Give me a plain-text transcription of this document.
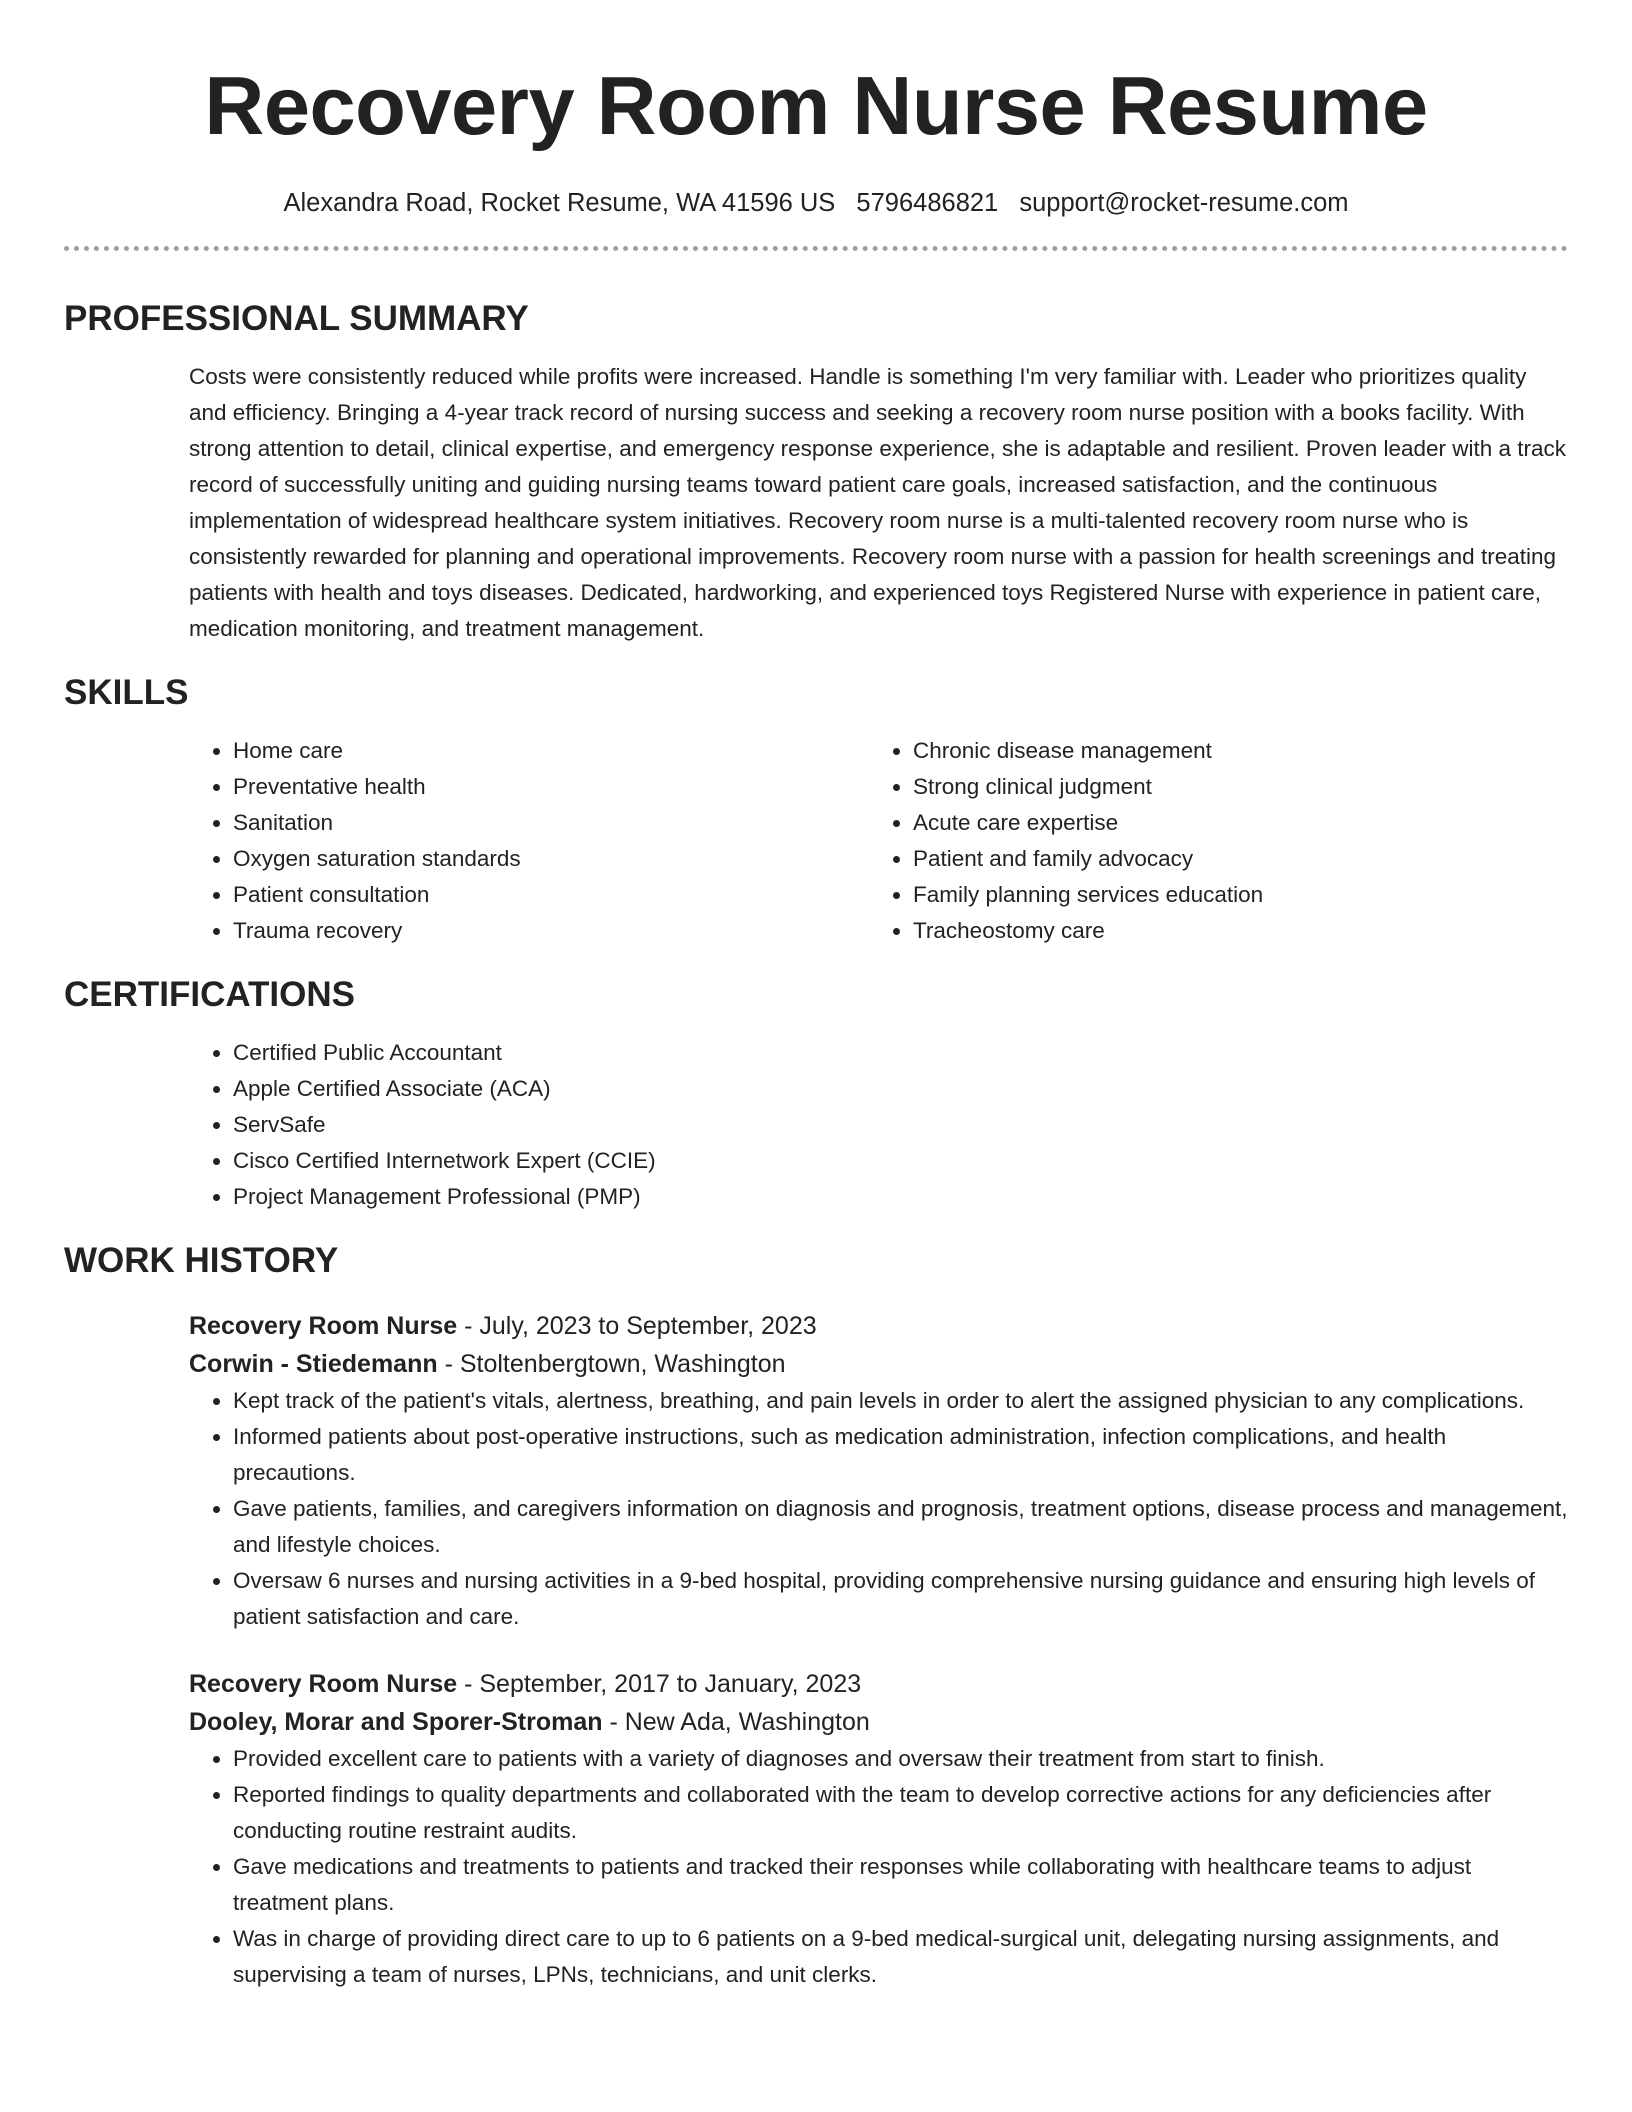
Recovery Room Nurse Resume
Alexandra Road, Rocket Resume, WA 41596 US 5796486821 support@rocket-resume.com
PROFESSIONAL SUMMARY
Costs were consistently reduced while profits were increased. Handle is something I'm very familiar with. Leader who prioritizes quality and efficiency. Bringing a 4-year track record of nursing success and seeking a recovery room nurse position with a books facility. With strong attention to detail, clinical expertise, and emergency response experience, she is adaptable and resilient. Proven leader with a track record of successfully uniting and guiding nursing teams toward patient care goals, increased satisfaction, and the continuous implementation of widespread healthcare system initiatives. Recovery room nurse is a multi-talented recovery room nurse who is consistently rewarded for planning and operational improvements. Recovery room nurse with a passion for health screenings and treating patients with health and toys diseases. Dedicated, hardworking, and experienced toys Registered Nurse with experience in patient care, medication monitoring, and treatment management.
SKILLS
• Home care
• Preventative health
• Sanitation
• Oxygen saturation standards
• Patient consultation
• Trauma recovery
• Chronic disease management
• Strong clinical judgment
• Acute care expertise
• Patient and family advocacy
• Family planning services education
• Tracheostomy care
CERTIFICATIONS
• Certified Public Accountant
• Apple Certified Associate (ACA)
• ServSafe
• Cisco Certified Internetwork Expert (CCIE)
• Project Management Professional (PMP)
WORK HISTORY
Recovery Room Nurse - July, 2023 to September, 2023
Corwin - Stiedemann - Stoltenbergtown, Washington
• Kept track of the patient's vitals, alertness, breathing, and pain levels in order to alert the assigned physician to any complications.
• Informed patients about post-operative instructions, such as medication administration, infection complications, and health precautions.
• Gave patients, families, and caregivers information on diagnosis and prognosis, treatment options, disease process and management, and lifestyle choices.
• Oversaw 6 nurses and nursing activities in a 9-bed hospital, providing comprehensive nursing guidance and ensuring high levels of patient satisfaction and care.
Recovery Room Nurse - September, 2017 to January, 2023
Dooley, Morar and Sporer-Stroman - New Ada, Washington
• Provided excellent care to patients with a variety of diagnoses and oversaw their treatment from start to finish.
• Reported findings to quality departments and collaborated with the team to develop corrective actions for any deficiencies after conducting routine restraint audits.
• Gave medications and treatments to patients and tracked their responses while collaborating with healthcare teams to adjust treatment plans.
• Was in charge of providing direct care to up to 6 patients on a 9-bed medical-surgical unit, delegating nursing assignments, and supervising a team of nurses, LPNs, technicians, and unit clerks.
